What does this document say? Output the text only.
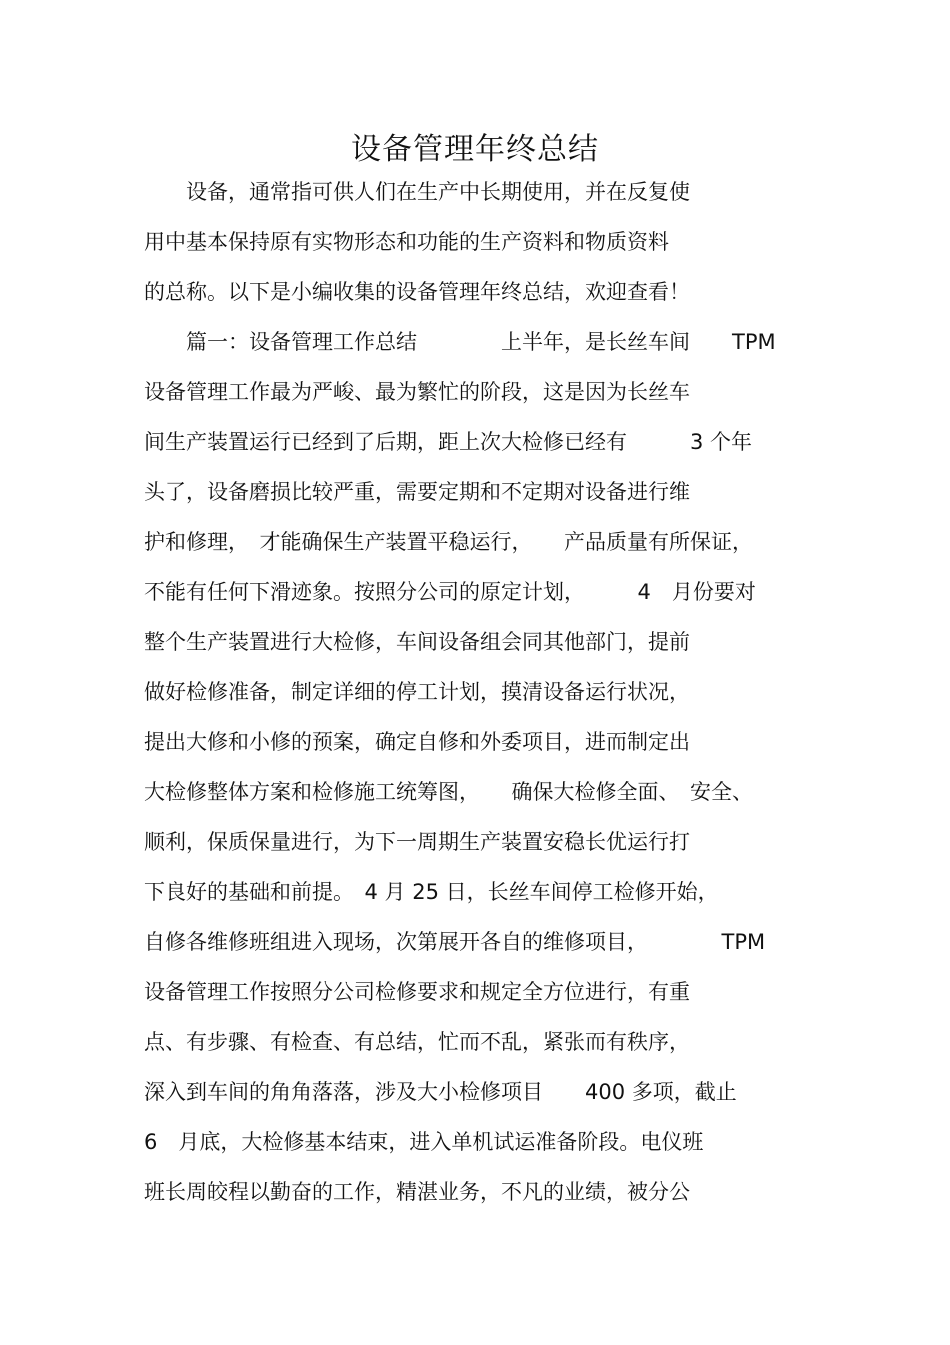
设备管理年终总结
　　设备，通常指可供人们在生产中长期使用，并在反复使
用中基本保持原有实物形态和功能的生产资料和物质资料
的总称。以下是小编收集的设备管理年终总结，欢迎查看！
　　篇一：设备管理工作总结　　　　上半年，是长丝车间　　TPM
设备管理工作最为严峻、最为繁忙的阶段，这是因为长丝车
间生产装置运行已经到了后期，距上次大检修已经有　　　3 个年
头了，设备磨损比较严重，需要定期和不定期对设备进行维
护和修理，　才能确保生产装置平稳运行，　　产品质量有所保证，
不能有任何下滑迹象。按照分公司的原定计划，　　　4　月份要对
整个生产装置进行大检修，车间设备组会同其他部门，提前
做好检修准备，制定详细的停工计划，摸清设备运行状况，
提出大修和小修的预案，确定自修和外委项目，进而制定出
大检修整体方案和检修施工统筹图，　　确保大检修全面、　安全、
顺利，保质保量进行，为下一周期生产装置安稳长优运行打
下良好的基础和前提。　4 月 25 日，长丝车间停工检修开始，
自修各维修班组进入现场，次第展开各自的维修项目，　　　　TPM
设备管理工作按照分公司检修要求和规定全方位进行，有重
点、有步骤、有检查、有总结，忙而不乱，紧张而有秩序，
深入到车间的角角落落，涉及大小检修项目　　400 多项，截止
6　月底，大检修基本结束，进入单机试运准备阶段。电仪班
班长周皎程以勤奋的工作，精湛业务，不凡的业绩，被分公
